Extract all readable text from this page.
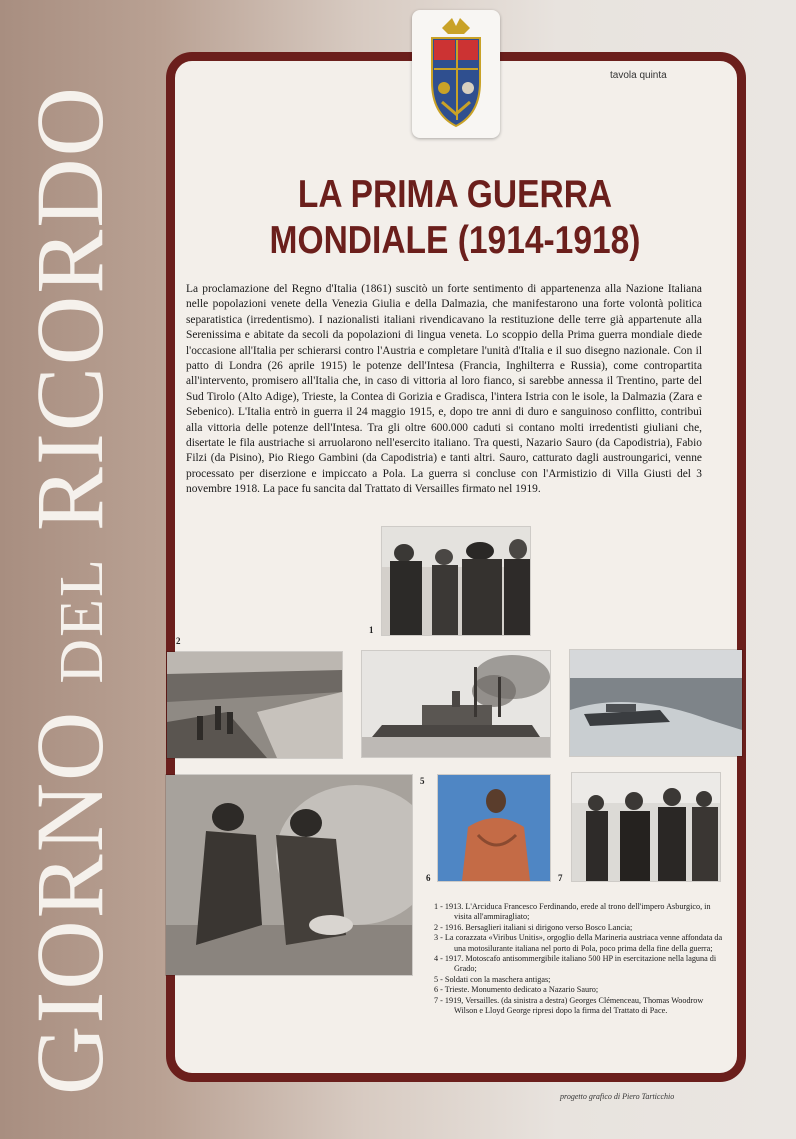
GIORNO DEL RICORDO
tavola quinta
LA PRIMA GUERRA
MONDIALE (1914-1918)
La proclamazione del Regno d'Italia (1861) suscitò un forte sentimento di appartenenza alla Nazione Italiana nelle popolazioni venete della Venezia Giulia e della Dalmazia, che manifestarono una forte volontà politica separatistica (irredentismo). I nazionalisti italiani rivendicavano la restituzione delle terre già appartenute alla Serenissima e abitate da secoli da popolazioni di lingua veneta. Lo scoppio della Prima guerra mondiale diede l'occasione all'Italia per schierarsi contro l'Austria e completare l'unità d'Italia e il suo disegno nazionale. Con il patto di Londra (26 aprile 1915) le potenze dell'Intesa (Francia, Inghilterra e Russia), come contropartita all'intervento, promisero all'Italia che, in caso di vittoria al loro fianco, si sarebbe annessa il Trentino, parte del Sud Tirolo (Alto Adige), Trieste, la Contea di Gorizia e Gradisca, l'intera Istria con le isole, la Dalmazia (Zara e Sebenico). L'Italia entrò in guerra il 24 maggio 1915, e, dopo tre anni di duro e sanguinoso conflitto, contribuì alla vittoria delle potenze dell'Intesa. Tra gli oltre 600.000 caduti si contano molti irredentisti giuliani che, disertate le fila austriache si arruolarono nell'esercito italiano. Tra questi, Nazario Sauro (da Capodistria), Fabio Filzi (da Pisino), Pio Riego Gambini (da Capodistria) e tanti altri. Sauro, catturato dagli austroungarici, venne processato per diserzione e impiccato a Pola. La guerra si concluse con l'Armistizio di Villa Giusti del 3 novembre 1918. La pace fu sancita dal Trattato di Versailles firmato nel 1919.
1
2
5
6	7
1 - 1913. L'Arciduca Francesco Ferdinando, erede al trono dell'impero Asburgico, in visita all'ammiragliato;
2 - 1916. Bersaglieri italiani si dirigono verso Bosco Lancia;
3 - La corazzata «Viribus Unitis», orgoglio della Marineria austriaca venne affondata da una motosilurante italiana nel porto di Pola, poco prima della fine della guerra;
4 - 1917. Motoscafo antisommergibile italiano 500 HP in esercitazione nella laguna di Grado;
5 - Soldati con la maschera antigas;
6 - Trieste. Monumento dedicato a Nazario Sauro;
7 - 1919, Versailles. (da sinistra a destra) Georges Clémenceau, Thomas Woodrow Wilson e Lloyd George ripresi dopo la firma del Trattato di Pace.
progetto grafico di Piero Tarticchio
